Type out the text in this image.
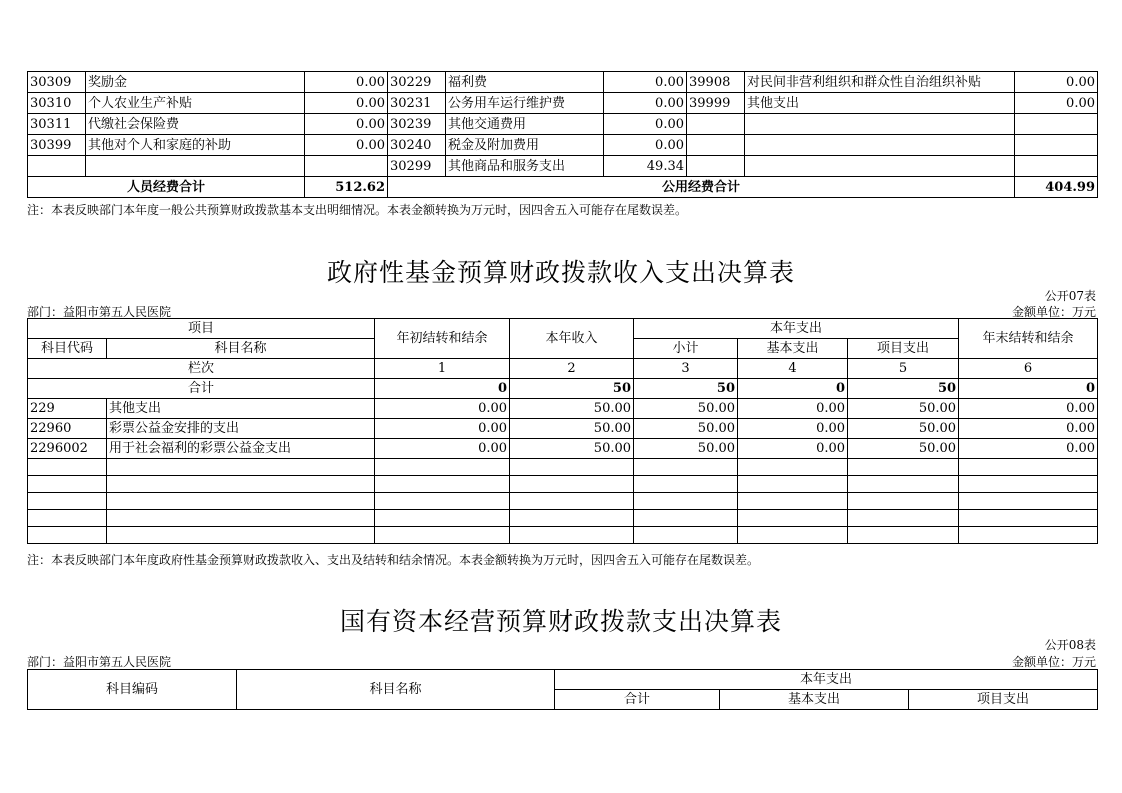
30309	奖励金	0.00	30229	福利费	0.00	39908	对民间非营利组织和群众性自治组织补贴	0.00
30310	个人农业生产补贴	0.00	30231	公务用车运行维护费	0.00	39999	其他支出	0.00
30311	代缴社会保险费	0.00	30239	其他交通费用	0.00			
30399	其他对个人和家庭的补助	0.00	30240	税金及附加费用	0.00			
			30299	其他商品和服务支出	49.34			
人员经费合计		512.62	公用经费合计					404.99
注：本表反映部门本年度一般公共预算财政拨款基本支出明细情况。本表金额转换为万元时，因四舍五入可能存在尾数误差。
政府性基金预算财政拨款收入支出决算表
公开07表
部门：益阳市第五人民医院	金额单位：万元
项目		年初结转和结余	本年收入	本年支出			年末结转和结余
科目代码	科目名称			小计	基本支出	项目支出	
栏次		1	2	3	4	5	6
合计		0	50	50	0	50	0
229	其他支出	0.00	50.00	50.00	0.00	50.00	0.00
22960	彩票公益金安排的支出	0.00	50.00	50.00	0.00	50.00	0.00
2296002	用于社会福利的彩票公益金支出	0.00	50.00	50.00	0.00	50.00	0.00

注：本表反映部门本年度政府性基金预算财政拨款收入、支出及结转和结余情况。本表金额转换为万元时，因四舍五入可能存在尾数误差。
国有资本经营预算财政拨款支出决算表
公开08表
部门：益阳市第五人民医院	金额单位：万元
科目编码	科目名称	本年支出		
		合计	基本支出	项目支出
